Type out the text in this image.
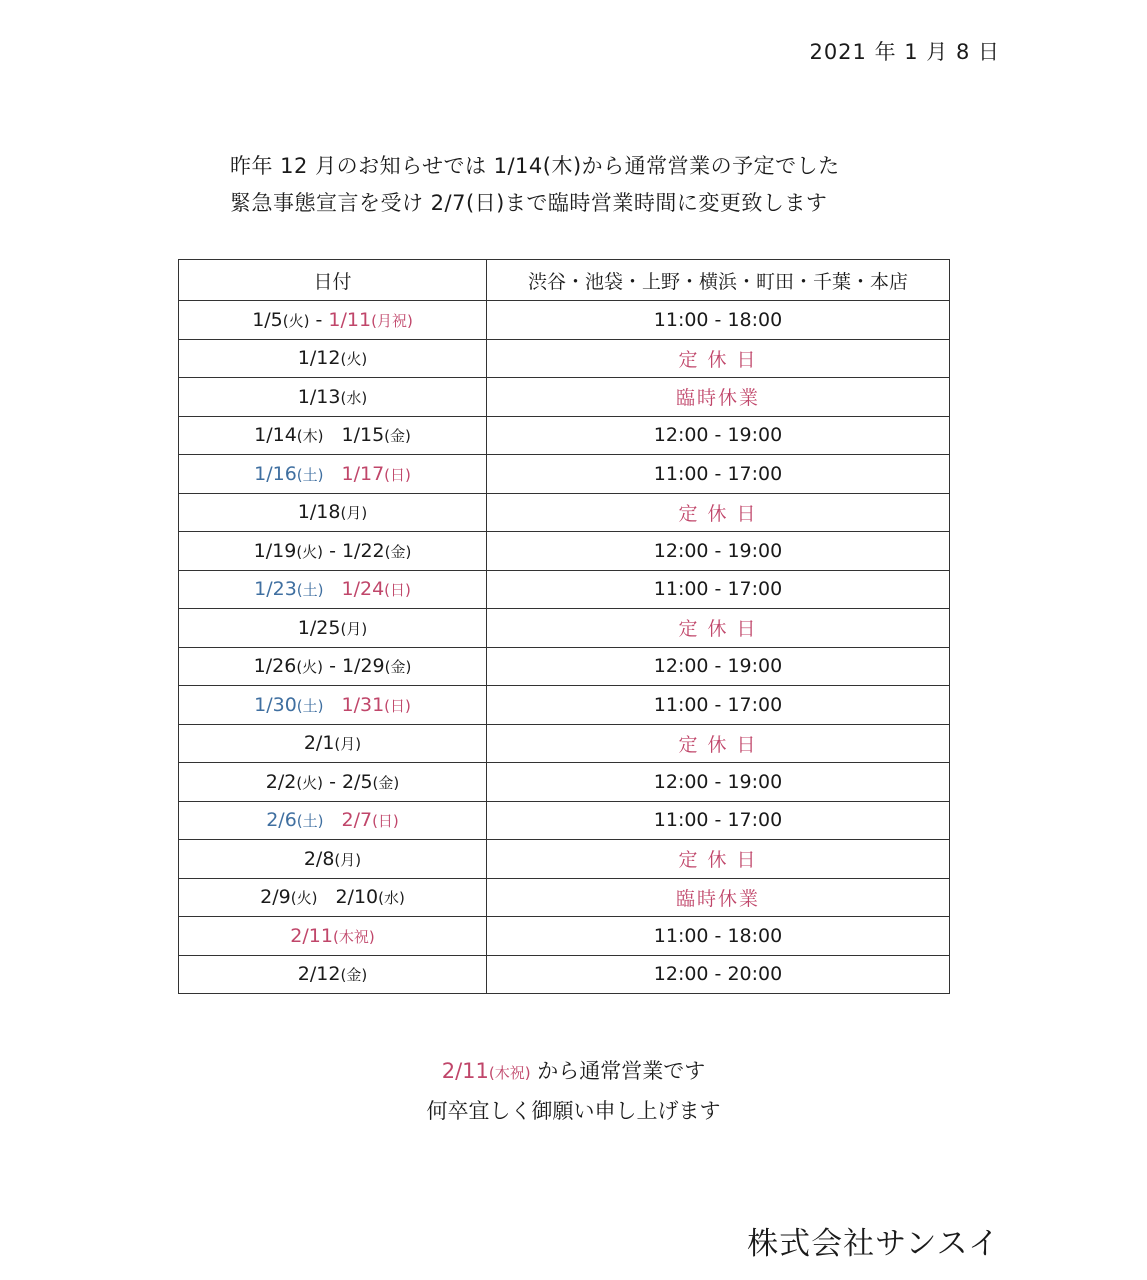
2021 年 1 月 8 日
昨年 12 月のお知らせでは 1/14(木)から通常営業の予定でした
緊急事態宣言を受け 2/7(日)まで臨時営業時間に変更致します
日付	渋谷・池袋・上野・横浜・町田・千葉・本店
1/5(火) - 1/11(月祝)	11:00 - 18:00
1/12(火)	定 休 日
1/13(水)	臨時休業
1/14(木) 1/15(金)	12:00 - 19:00
1/16(土) 1/17(日)	11:00 - 17:00
1/18(月)	定 休 日
1/19(火) - 1/22(金)	12:00 - 19:00
1/23(土) 1/24(日)	11:00 - 17:00
1/25(月)	定 休 日
1/26(火) - 1/29(金)	12:00 - 19:00
1/30(土) 1/31(日)	11:00 - 17:00
2/1(月)	定 休 日
2/2(火) - 2/5(金)	12:00 - 19:00
2/6(土) 2/7(日)	11:00 - 17:00
2/8(月)	定 休 日
2/9(火) 2/10(水)	臨時休業
2/11(木祝)	11:00 - 18:00
2/12(金)	12:00 - 20:00
2/11(木祝) から通常営業です
何卒宜しく御願い申し上げます
株式会社サンスイ
